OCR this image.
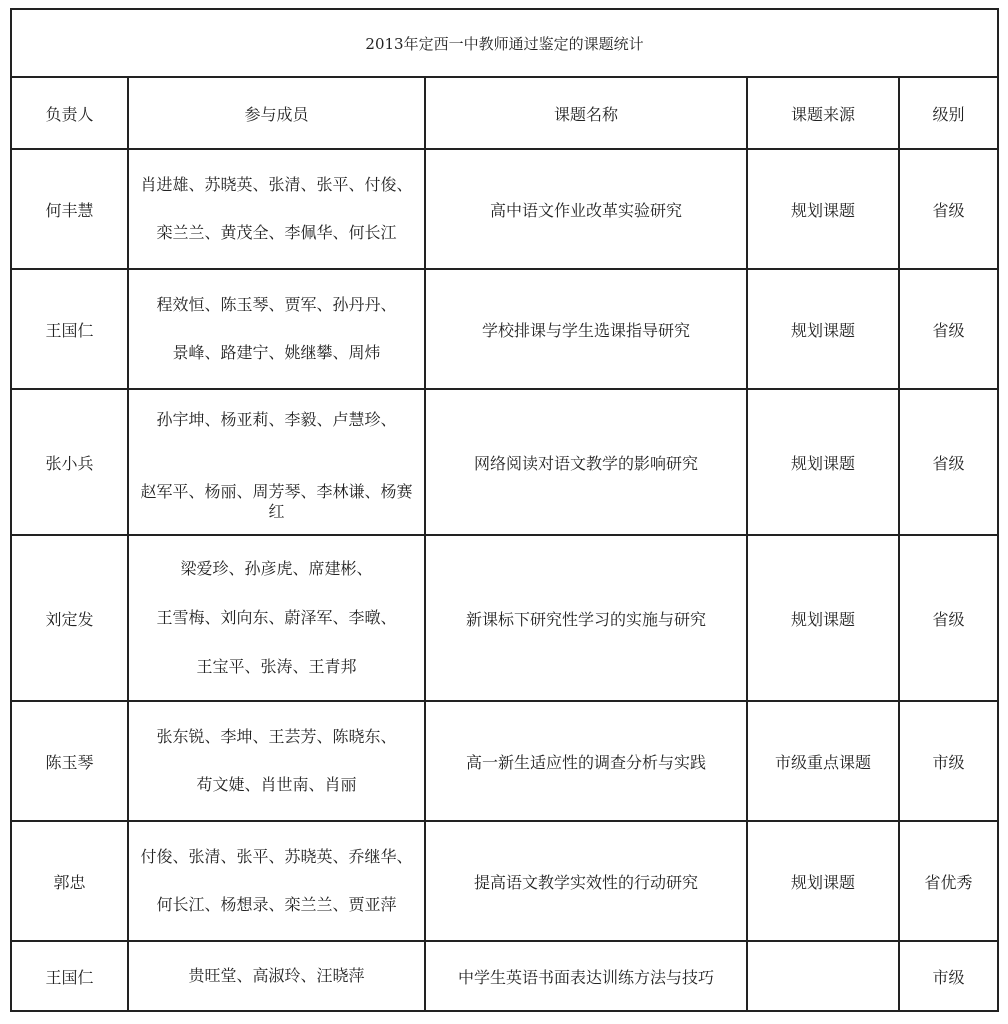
2013年定西一中教师通过鉴定的课题统计				
负责人	参与成员	课题名称	课题来源	级别
何丰慧	肖进雄、苏晓英、张清、张平、付俊、
栾兰兰、黄茂全、李佩华、何长江	高中语文作业改革实验研究	规划课题	省级
王国仁	程效恒、陈玉琴、贾军、孙丹丹、
景峰、路建宁、姚继攀、周炜	学校排课与学生选课指导研究	规划课题	省级
张小兵	孙宇坤、杨亚莉、李毅、卢慧珍、
赵军平、杨丽、周芳琴、李林谦、杨赛
红	网络阅读对语文教学的影响研究	规划课题	省级
刘定发	梁爱珍、孙彦虎、席建彬、
王雪梅、刘向东、蔚泽军、李暾、
王宝平、张涛、王青邦	新课标下研究性学习的实施与研究	规划课题	省级
陈玉琴	张东锐、李坤、王芸芳、陈晓东、
苟文婕、肖世南、肖丽	高一新生适应性的调查分析与实践	市级重点课题	市级
郭忠	付俊、张清、张平、苏晓英、乔继华、
何长江、杨想录、栾兰兰、贾亚萍	提高语文教学实效性的行动研究	规划课题	省优秀
王国仁	贵旺堂、高淑玲、汪晓萍	中学生英语书面表达训练方法与技巧		市级
